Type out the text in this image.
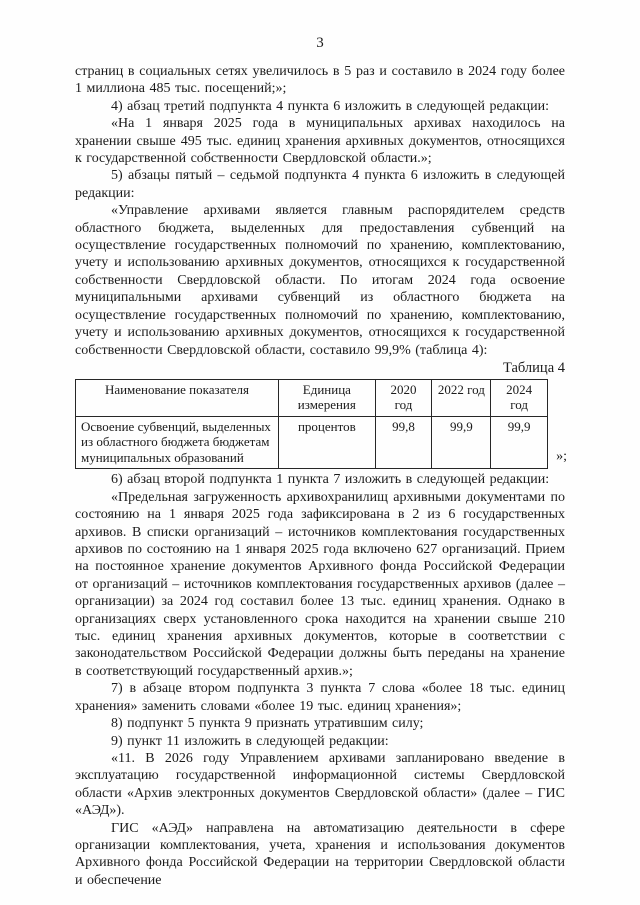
3

страниц в социальных сетях увеличилось в 5 раз и составило в 2024 году более 1 миллиона 485 тыс. посещений;»;

4) абзац третий подпункта 4 пункта 6 изложить в следующей редакции:

«На 1 января 2025 года в муниципальных архивах находилось на хранении свыше 495 тыс. единиц хранения архивных документов, относящихся к государственной собственности Свердловской области.»;

5) абзацы пятый – седьмой подпункта 4 пункта 6 изложить в следующей редакции:

«Управление архивами является главным распорядителем средств областного бюджета, выделенных для предоставления субвенций на осуществление государственных полномочий по хранению, комплектованию, учету и использованию архивных документов, относящихся к государственной собственности Свердловской области. По итогам 2024 года освоение муниципальными архивами субвенций из областного бюджета на осуществление государственных полномочий по хранению, комплектованию, учету и использованию архивных документов, относящихся к государственной собственности Свердловской области, составило 99,9% (таблица 4):

Таблица 4
Наименование показателя	Единица измерения	2020 год	2022 год	2024 год
Освоение субвенций, выделенных из областного бюджета бюджетам муниципальных образований	процентов	99,8	99,9	99,9
»;

6) абзац второй подпункта 1 пункта 7 изложить в следующей редакции:

«Предельная загруженность архивохранилищ архивными документами по состоянию на 1 января 2025 года зафиксирована в 2 из 6 государственных архивов. В списки организаций – источников комплектования государственных архивов по состоянию на 1 января 2025 года включено 627 организаций. Прием на постоянное хранение документов Архивного фонда Российской Федерации от организаций – источников комплектования государственных архивов (далее – организации) за 2024 год составил более 13 тыс. единиц хранения. Однако в организациях сверх установленного срока находится на хранении свыше 210 тыс. единиц хранения архивных документов, которые в соответствии с законодательством Российской Федерации должны быть переданы на хранение в соответствующий государственный архив.»;

7) в абзаце втором подпункта 3 пункта 7 слова «более 18 тыс. единиц хранения» заменить словами «более 19 тыс. единиц хранения»;

8) подпункт 5 пункта 9 признать утратившим силу;

9) пункт 11 изложить в следующей редакции:

«11. В 2026 году Управлением архивами запланировано введение в эксплуатацию государственной информационной системы Свердловской области «Архив электронных документов Свердловской области» (далее – ГИС «АЭД»).

ГИС «АЭД» направлена на автоматизацию деятельности в сфере организации комплектования, учета, хранения и использования документов Архивного фонда Российской Федерации на территории Свердловской области и обеспечение
